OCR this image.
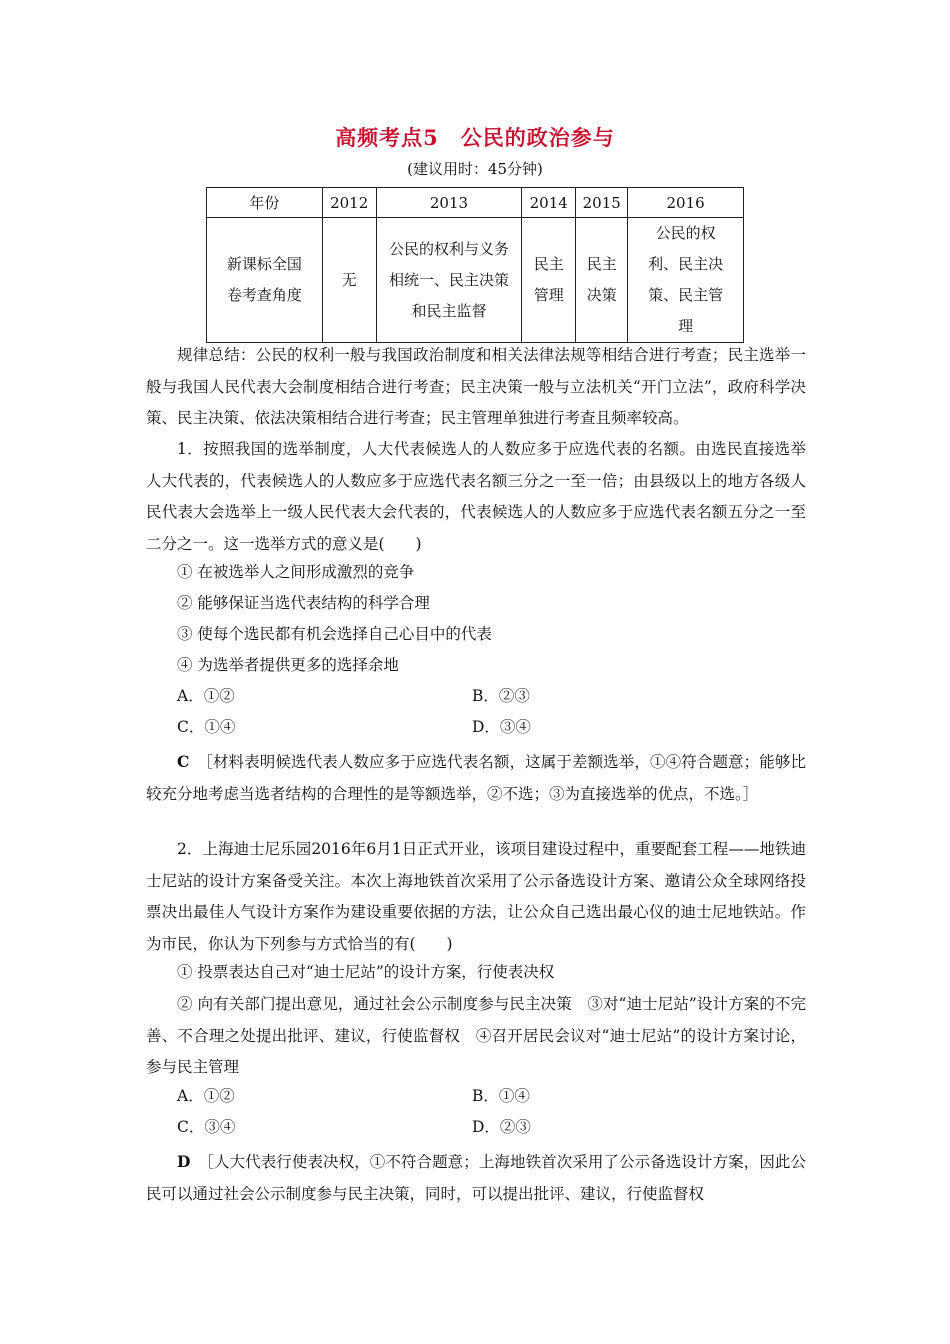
高频考点5　公民的政治参与
(建议用时：45分钟)
年份	2012	2013	2014	2015	2016
新课标全国卷考查角度	无	公民的权利与义务相统一、民主决策和民主监督	民主管理	民主决策	公民的权利、民主决策、民主管理
规律总结：公民的权利一般与我国政治制度和相关法律法规等相结合进行考查；民主选举一般与我国人民代表大会制度相结合进行考查；民主决策一般与立法机关“开门立法”，政府科学决策、民主决策、依法决策相结合进行考查；民主管理单独进行考查且频率较高。
1．按照我国的选举制度，人大代表候选人的人数应多于应选代表的名额。由选民直接选举人大代表的，代表候选人的人数应多于应选代表名额三分之一至一倍；由县级以上的地方各级人民代表大会选举上一级人民代表大会代表的，代表候选人的人数应多于应选代表名额五分之一至二分之一。这一选举方式的意义是(　　)
① 在被选举人之间形成激烈的竞争
② 能够保证当选代表结构的科学合理
③ 使每个选民都有机会选择自己心目中的代表
④ 为选举者提供更多的选择余地
A．①②	B．②③
C．①④	D．③④
C　 ［材料表明候选代表人数应多于应选代表名额，这属于差额选举，①④符合题意；能够比较充分地考虑当选者结构的合理性的是等额选举，②不选；③为直接选举的优点，不选。］
2．上海迪士尼乐园2016年6月1日正式开业，该项目建设过程中，重要配套工程——地铁迪士尼站的设计方案备受关注。本次上海地铁首次采用了公示备选设计方案、邀请公众全球网络投票决出最佳人气设计方案作为建设重要依据的方法，让公众自己选出最心仪的迪士尼地铁站。作为市民，你认为下列参与方式恰当的有(　　)
① 投票表达自己对“迪士尼站”的设计方案，行使表决权
② 向有关部门提出意见，通过社会公示制度参与民主决策　③对“迪士尼站”设计方案的不完善、不合理之处提出批评、建议，行使监督权　④召开居民会议对“迪士尼站”的设计方案讨论，参与民主管理
A．①②	B．①④
C．③④	D．②③
D　 ［人大代表行使表决权，①不符合题意；上海地铁首次采用了公示备选设计方案，因此公民可以通过社会公示制度参与民主决策，同时，可以提出批评、建议，行使监督权
